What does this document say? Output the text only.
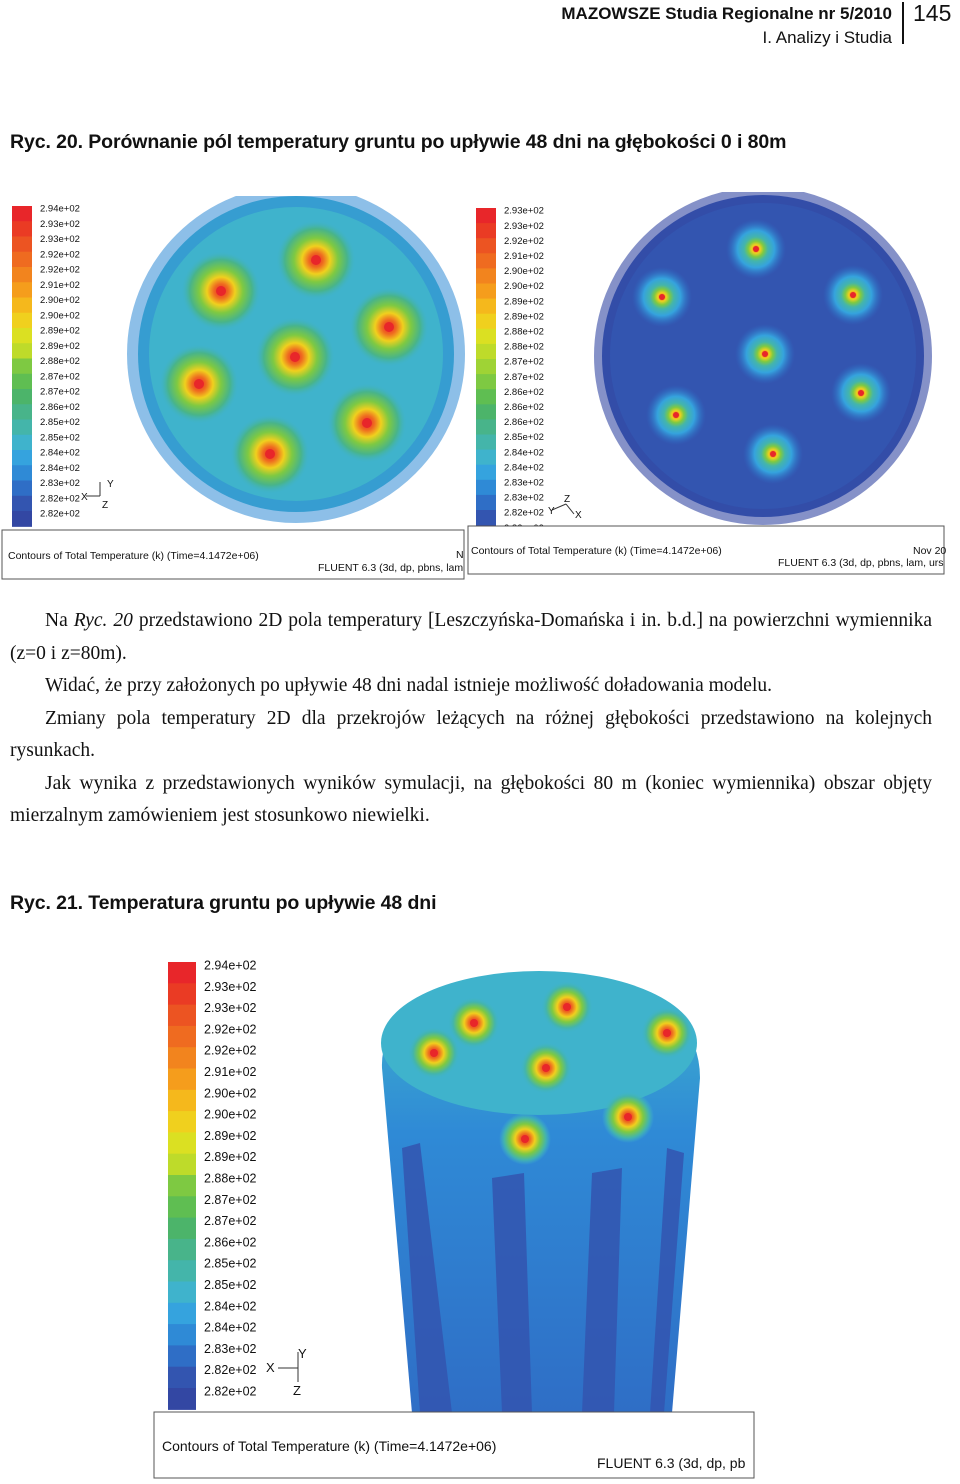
MAZOWSZE Studia Regionalne nr 5/2010
I. Analizy i Studia
145
Ryc. 20. Porównanie pól temperatury gruntu po upływie 48 dni na głębokości 0 i 80m
2.94e+02
2.93e+02
2.93e+02
2.92e+02
2.92e+02
2.91e+02
2.90e+02
2.90e+02
2.89e+02
2.89e+02
2.88e+02
2.87e+02
2.87e+02
2.86e+02
2.85e+02
2.85e+02
2.84e+02
2.84e+02
2.83e+02
2.82e+02
2.82e+02
Y
X
Z
Contours of Total Temperature (k) (Time=4.1472e+06)
FLUENT 6.3 (3d, dp, pbns, lam
N
2.93e+02
2.93e+02
2.92e+02
2.91e+02
2.90e+02
2.90e+02
2.89e+02
2.89e+02
2.88e+02
2.88e+02
2.87e+02
2.87e+02
2.86e+02
2.86e+02
2.86e+02
2.85e+02
2.84e+02
2.84e+02
2.83e+02
2.83e+02
2.82e+02
Z
Y X
Contours of Total Temperature (k) (Time=4.1472e+06)
FLUENT 6.3 (3d, dp, pbns, lam, urs
Nov 20

Na Ryc. 20 przedstawiono 2D pola temperatury [Leszczyńska-Domańska i in. b.d.] na powierzchni wymiennika (z=0 i z=80m).

Widać, że przy założonych po upływie 48 dni nadal istnieje możliwość doładowania modelu.

Zmiany pola temperatury 2D dla przekrojów leżących na różnej głębokości przedstawiono na kolejnych rysunkach.

Jak wynika z przedstawionych wyników symulacji, na głębokości 80 m (koniec wymiennika) obszar objęty mierzalnym zamówieniem jest stosunkowo niewielki.

Ryc. 21. Temperatura gruntu po upływie 48 dni
2.94e+02
2.93e+02
2.93e+02
2.92e+02
2.92e+02
2.91e+02
2.90e+02
2.90e+02
2.89e+02
2.89e+02
2.88e+02
2.87e+02
2.87e+02
2.86e+02
2.85e+02
2.85e+02
2.84e+02
2.84e+02
2.83e+02
2.82e+02
2.82e+02
Y
X
Z
Contours of Total Temperature (k) (Time=4.1472e+06)
FLUENT 6.3 (3d, dp, pb
